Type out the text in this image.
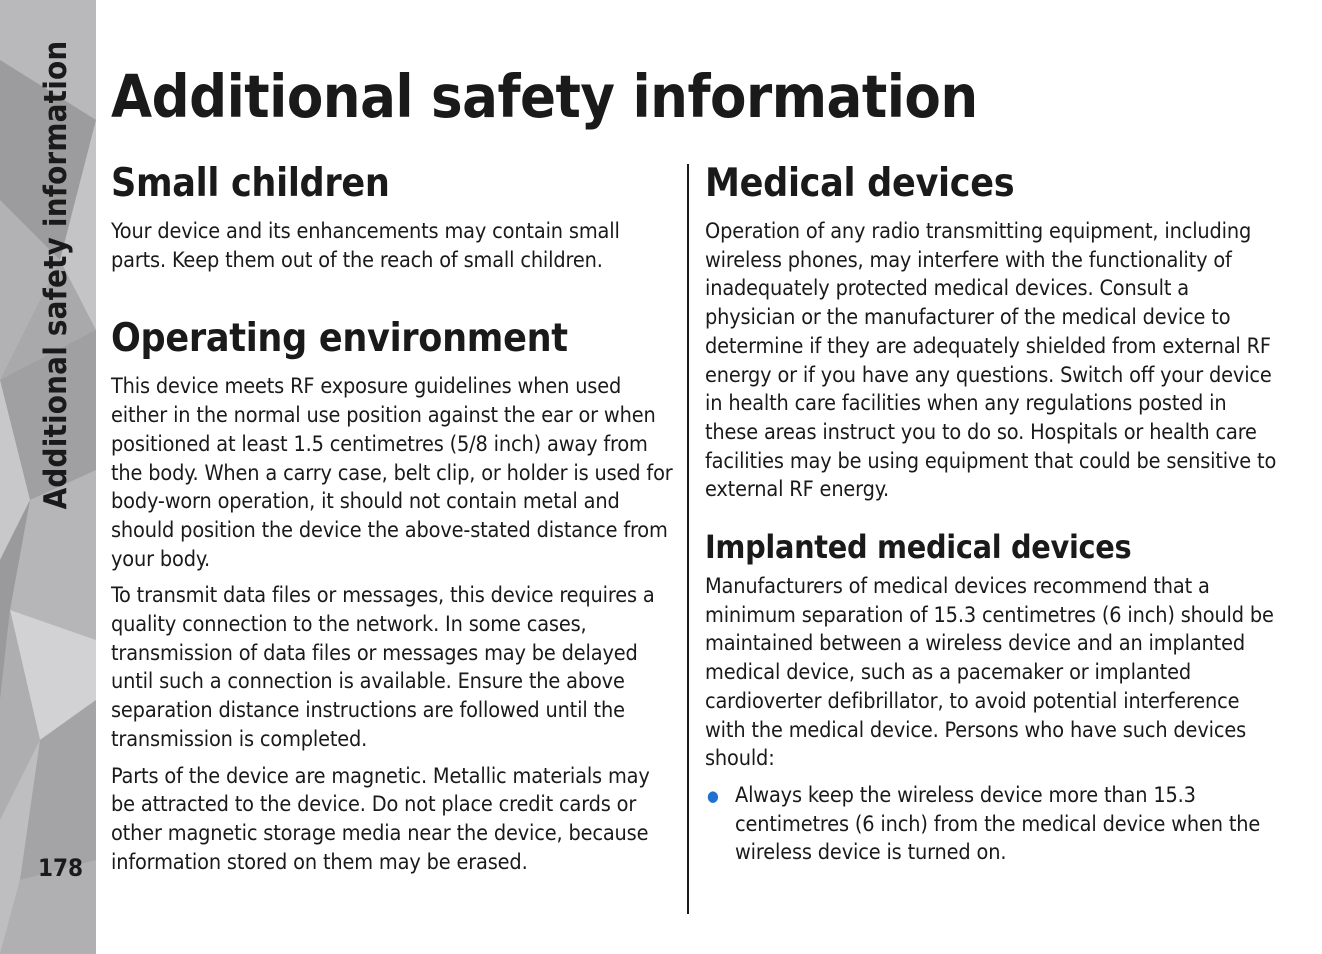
Additional safety information
178
Additional safety information
Small children

Your device and its enhancements may contain small parts. Keep them out of the reach of small children.

Operating environment

This device meets RF exposure guidelines when used either in the normal use position against the ear or when positioned at least 1.5 centimetres (5/8 inch) away from the body. When a carry case, belt clip, or holder is used for body-worn operation, it should not contain metal and should position the device the above-stated distance from your body.

To transmit data files or messages, this device requires a quality connection to the network. In some cases, transmission of data files or messages may be delayed until such a connection is available. Ensure the above separation distance instructions are followed until the transmission is completed.

Parts of the device are magnetic. Metallic materials may be attracted to the device. Do not place credit cards or other magnetic storage media near the device, because information stored on them may be erased.

Medical devices

Operation of any radio transmitting equipment, including wireless phones, may interfere with the functionality of inadequately protected medical devices. Consult a physician or the manufacturer of the medical device to determine if they are adequately shielded from external RF energy or if you have any questions. Switch off your device in health care facilities when any regulations posted in these areas instruct you to do so. Hospitals or health care facilities may be using equipment that could be sensitive to external RF energy.

Implanted medical devices

Manufacturers of medical devices recommend that a minimum separation of 15.3 centimetres (6 inch) should be maintained between a wireless device and an implanted medical device, such as a pacemaker or implanted cardioverter defibrillator, to avoid potential interference with the medical device. Persons who have such devices should:

● Always keep the wireless device more than 15.3 centimetres (6 inch) from the medical device when the wireless device is turned on.
